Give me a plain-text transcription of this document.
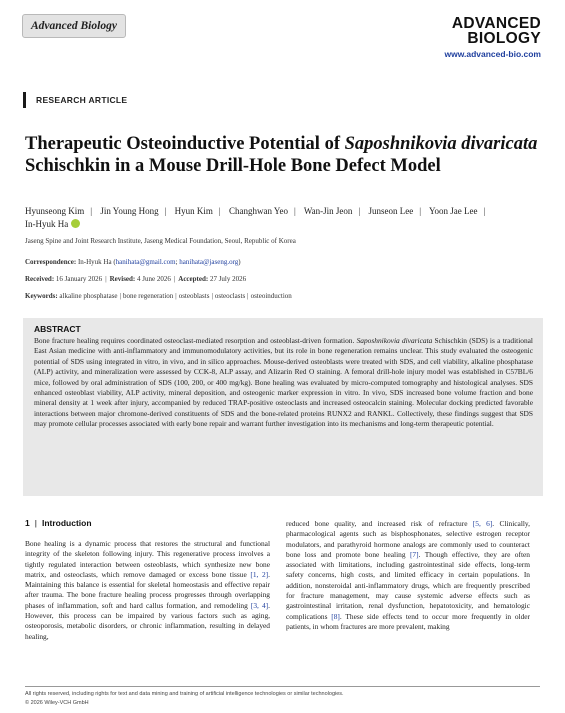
Advanced Biology	ADVANCED
BIOLOGY
www.advanced-bio.com
RESEARCH ARTICLE
Therapeutic Osteoinductive Potential of Saposhnikovia divaricata Schischkin in a Mouse Drill-Hole Bone Defect Model
Hyunseong Kim | Jin Young Hong | Hyun Kim | Changhwan Yeo | Wan-Jin Jeon | Junseon Lee | Yoon Jae Lee |
In-Hyuk Ha
Jaseng Spine and Joint Research Institute, Jaseng Medical Foundation, Seoul, Republic of Korea
Correspondence: In-Hyuk Ha (hanihata@gmail.com; hanihata@jaseng.org)
Received: 16 January 2026 | Revised: 4 June 2026 | Accepted: 27 July 2026
Keywords: alkaline phosphatase | bone regeneration | osteoblasts | osteoclasts | osteoinduction
ABSTRACT

Bone fracture healing requires coordinated osteoclast-mediated resorption and osteoblast-driven formation. Saposhnikovia divaricata Schischkin (SDS) is a traditional East Asian medicine with anti-inflammatory and immunomodulatory activities, but its role in bone regeneration remains unclear. This study evaluated the osteogenic potential of SDS using integrated in vitro, in vivo, and in silico approaches. Mouse-derived osteoblasts were treated with SDS, and cell viability, alkaline phosphatase (ALP) activity, and mineralization were assessed by CCK-8, ALP assay, and Alizarin Red O staining. A femoral drill-hole injury model was established in C57BL/6 mice, followed by oral administration of SDS (100, 200, or 400 mg/kg). Bone healing was evaluated by micro-computed tomography and histological analyses. SDS enhanced osteoblast viability, ALP activity, mineral deposition, and osteogenic marker expression in vitro. In vivo, SDS increased bone volume fraction and bone mineral density at 1 week after injury, accompanied by reduced TRAP-positive osteoclasts and increased osteocalcin staining. Molecular docking predicted favorable interactions between major chromone-derived constituents of SDS and the bone-related proteins RUNX2 and RANKL. Collectively, these findings suggest that SDS may promote cellular processes associated with early bone repair and warrant further investigation into its mechanisms and long-term therapeutic potential.

1 | Introduction

Bone healing is a dynamic process that restores the structural and functional integrity of the skeleton following injury. This regenerative process involves a tightly regulated interaction between osteoblasts, which synthesize new bone matrix, and osteoclasts, which remove damaged or excess bone tissue [1, 2]. Maintaining this balance is essential for skeletal homeostasis and effective repair after trauma. The bone fracture healing process progresses through overlapping phases of inflammation, soft and hard callus formation, and remodeling [3, 4]. However, this process can be impaired by various factors such as aging, osteoporosis, metabolic disorders, or chronic inflammation, resulting in delayed healing,

reduced bone quality, and increased risk of refracture [5, 6]. Clinically, pharmacological agents such as bisphosphonates, selective estrogen receptor modulators, and parathyroid hormone analogs are commonly used to counteract bone loss and promote bone healing [7]. Though effective, they are often associated with limitations, including gastrointestinal side effects, long-term safety concerns, high costs, and limited efficacy in certain populations. In addition, nonsteroidal anti-inflammatory drugs, which are frequently prescribed for fracture management, may cause systemic adverse effects such as gastrointestinal irritation, renal dysfunction, hepatotoxicity, and hematologic complications [8]. These side effects tend to occur more frequently in older patients, in whom fractures are more prevalent, making

All rights reserved, including rights for text and data mining and training of artificial intelligence technologies or similar technologies.
© 2026 Wiley-VCH GmbH
